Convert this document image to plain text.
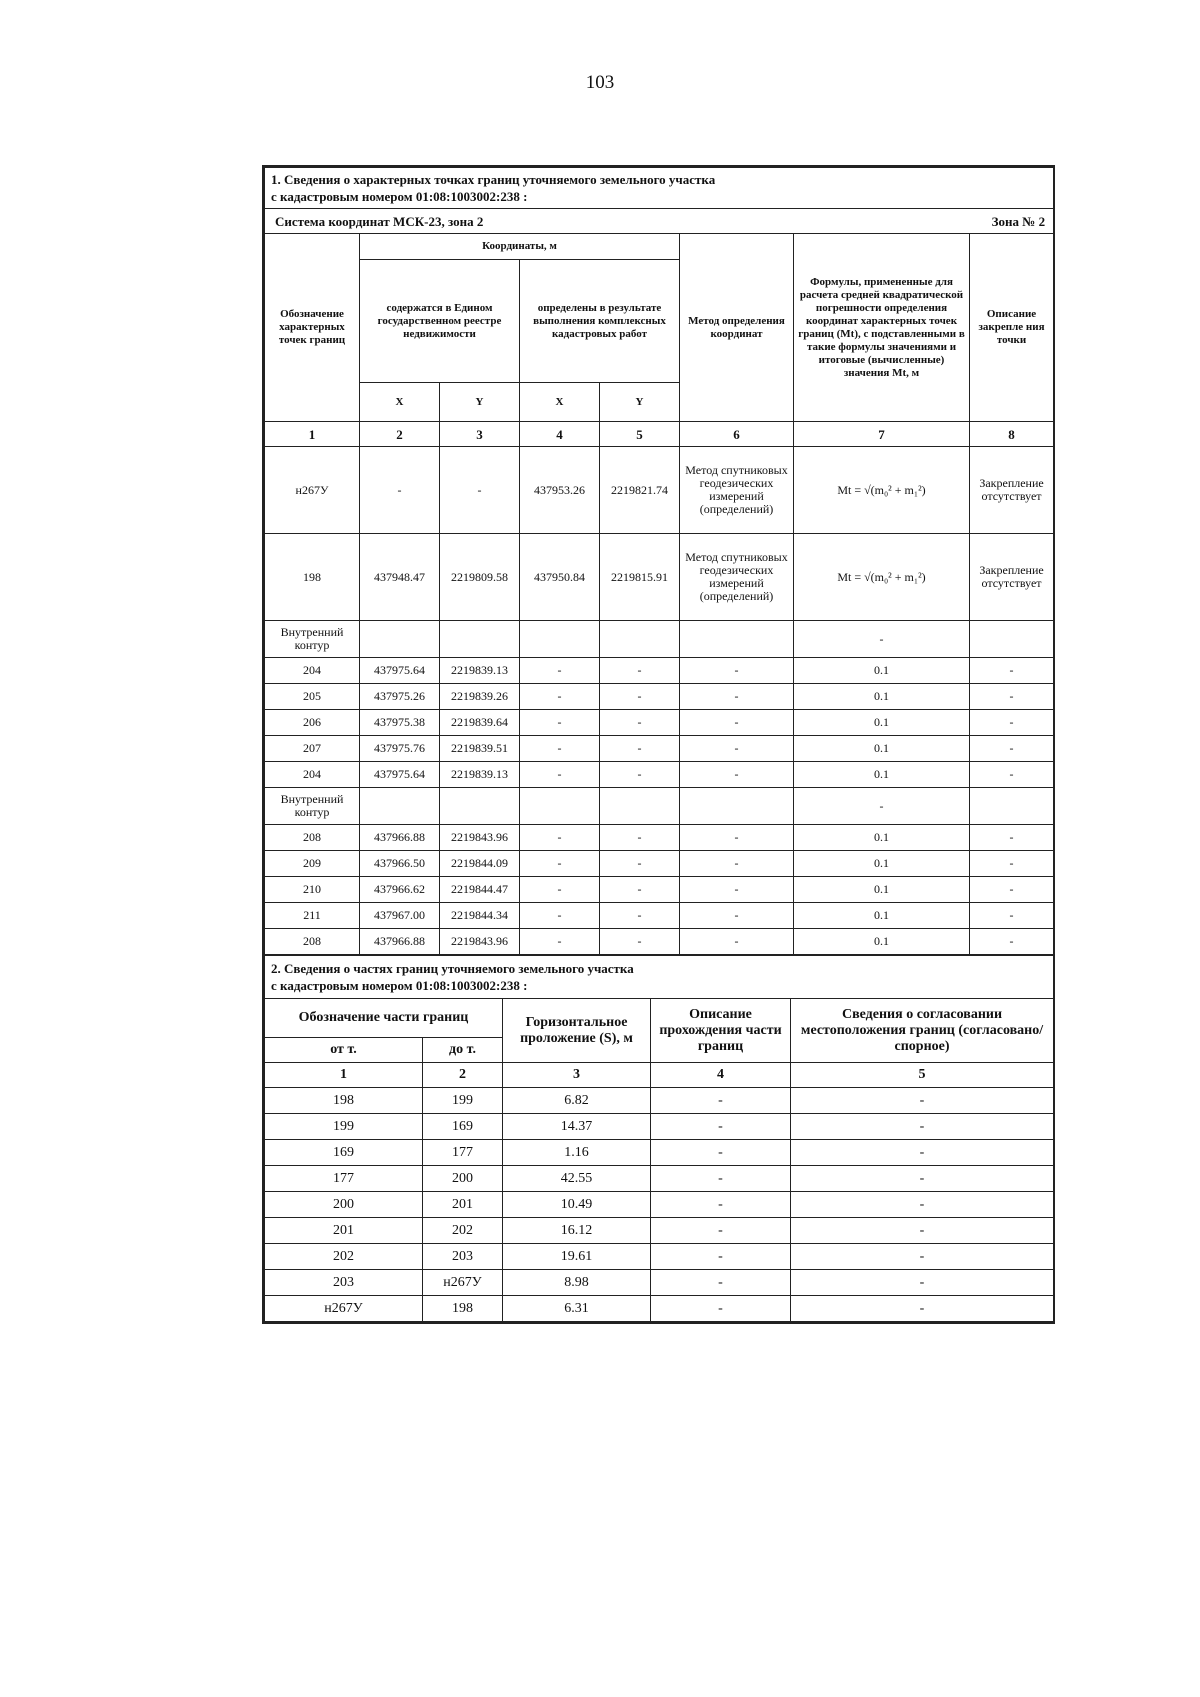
103
1. Сведения о характерных точках границ уточняемого земельного участка
с кадастровым номером 01:08:1003002:238 :							

Система координат МСК-23, зона 2							Зона № 2
Обозначение характерных точек границ	Координаты, м				Метод определения координат	Формулы, примененные для расчета средней квадратической погрешности определения координат характерных точек границ (Mt), с подставленными в такие формулы значениями и итоговые (вычисленные) значения Mt, м	Описание закрепле ния точки
	содержатся в Едином государственном реестре недвижимости		определены в результате выполнения комплексных кадастровых работ				
	X	Y	X	Y			
1	2	3	4	5	6	7	8
н267У	-	-	437953.26	2219821.74	Метод спутниковых геодезических измерений (определений)	Mt = √(m₀² + m₁²)	Закрепление отсутствует
198	437948.47	2219809.58	437950.84	2219815.91	Метод спутниковых геодезических измерений (определений)	Mt = √(m₀² + m₁²)	Закрепление отсутствует
Внутренний контур						-	
204	437975.64	2219839.13	-	-	-	0.1	-
205	437975.26	2219839.26	-	-	-	0.1	-
206	437975.38	2219839.64	-	-	-	0.1	-
207	437975.76	2219839.51	-	-	-	0.1	-
204	437975.64	2219839.13	-	-	-	0.1	-
Внутренний контур						-	
208	437966.88	2219843.96	-	-	-	0.1	-
209	437966.50	2219844.09	-	-	-	0.1	-
210	437966.62	2219844.47	-	-	-	0.1	-
211	437967.00	2219844.34	-	-	-	0.1	-
208	437966.88	2219843.96	-	-	-	0.1	-
2. Сведения о частях границ уточняемого земельного участка
с кадастровым номером 01:08:1003002:238 :				

Обозначение части границ		Горизонтальное проложение (S), м	Описание прохождения части границ	Сведения о согласовании местоположения границ (согласовано/спорное)
от т.	до т.			
1	2	3	4	5
198	199	6.82	-	-
199	169	14.37	-	-
169	177	1.16	-	-
177	200	42.55	-	-
200	201	10.49	-	-
201	202	16.12	-	-
202	203	19.61	-	-
203	н267У	8.98	-	-
н267У	198	6.31	-	-
